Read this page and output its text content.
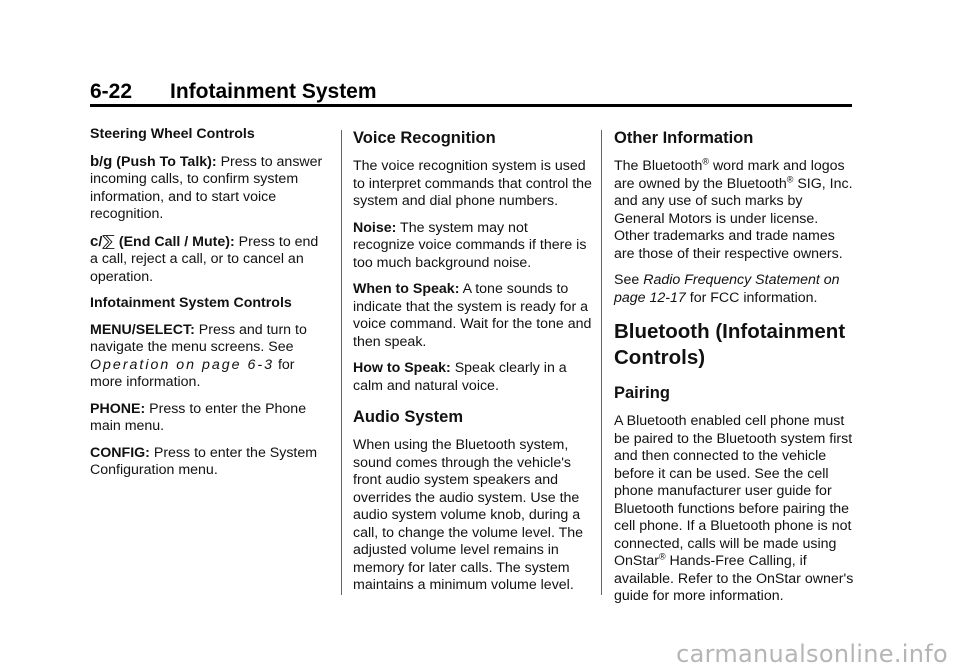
6-22 Infotainment System
Steering Wheel Controls

b/g (Push To Talk): Press to answer incoming calls, to confirm system information, and to start voice recognition.

c/⅀ (End Call / Mute): Press to end a call, reject a call, or to cancel an operation.

Infotainment System Controls

MENU/SELECT: Press and turn to navigate the menu screens. See Operation on page 6-3 for more information.

PHONE: Press to enter the Phone main menu.

CONFIG: Press to enter the System Configuration menu.

Voice Recognition

The voice recognition system is used to interpret commands that control the system and dial phone numbers.

Noise: The system may not recognize voice commands if there is too much background noise.

When to Speak: A tone sounds to indicate that the system is ready for a voice command. Wait for the tone and then speak.

How to Speak: Speak clearly in a calm and natural voice.

Audio System

When using the Bluetooth system, sound comes through the vehicle's front audio system speakers and overrides the audio system. Use the audio system volume knob, during a call, to change the volume level. The adjusted volume level remains in memory for later calls. The system maintains a minimum volume level.

Other Information

The Bluetooth® word mark and logos are owned by the Bluetooth® SIG, Inc. and any use of such marks by General Motors is under license. Other trademarks and trade names are those of their respective owners.

See Radio Frequency Statement on page 12-17 for FCC information.

Bluetooth (Infotainment Controls)
Pairing

A Bluetooth enabled cell phone must be paired to the Bluetooth system first and then connected to the vehicle before it can be used. See the cell phone manufacturer user guide for Bluetooth functions before pairing the cell phone. If a Bluetooth phone is not connected, calls will be made using OnStar® Hands-Free Calling, if available. Refer to the OnStar owner's guide for more information.

carmanualsonline.info
